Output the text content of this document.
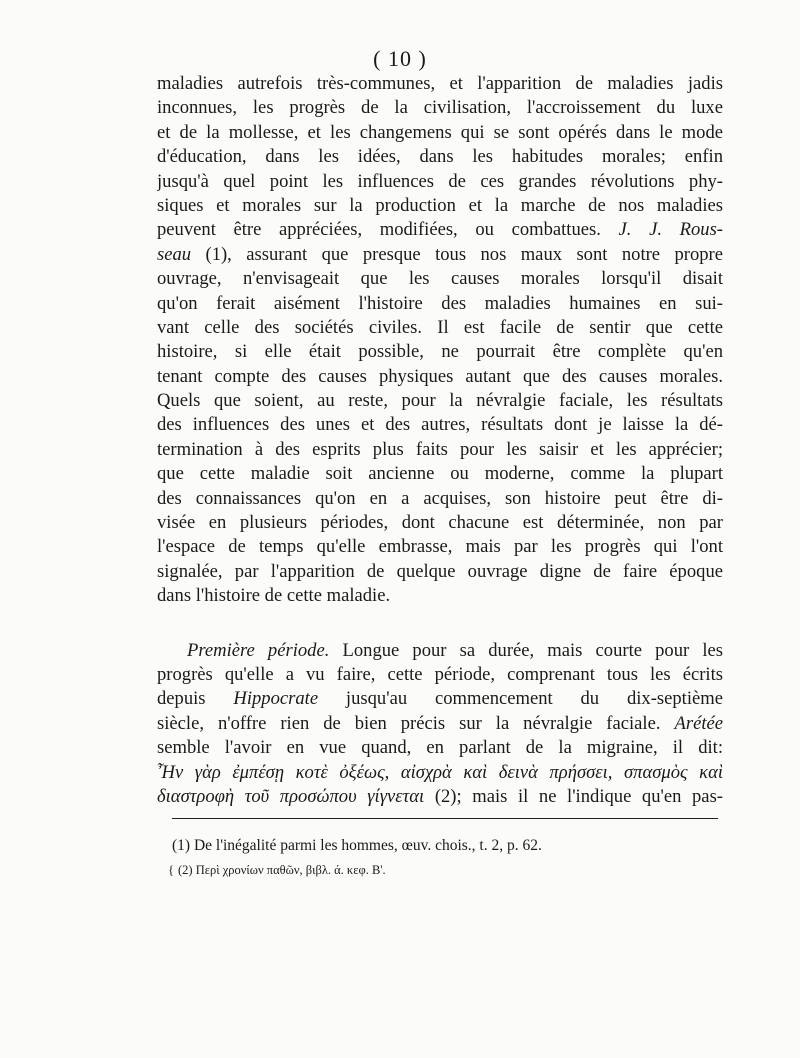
( 10 )
maladies autrefois très-communes, et l'apparition de maladies jadis
inconnues, les progrès de la civilisation, l'accroissement du luxe
et de la mollesse, et les changemens qui se sont opérés dans le mode
d'éducation, dans les idées, dans les habitudes morales; enfin
jusqu'à quel point les influences de ces grandes révolutions phy-
siques et morales sur la production et la marche de nos maladies
peuvent être appréciées, modifiées, ou combattues. J. J. Rous-
seau (1), assurant que presque tous nos maux sont notre propre
ouvrage, n'envisageait que les causes morales lorsqu'il disait
qu'on ferait aisément l'histoire des maladies humaines en sui-
vant celle des sociétés civiles. Il est facile de sentir que cette
histoire, si elle était possible, ne pourrait être complète qu'en
tenant compte des causes physiques autant que des causes morales.
Quels que soient, au reste, pour la névralgie faciale, les résultats
des influences des unes et des autres, résultats dont je laisse la dé-
termination à des esprits plus faits pour les saisir et les apprécier;
que cette maladie soit ancienne ou moderne, comme la plupart
des connaissances qu'on en a acquises, son histoire peut être di-
visée en plusieurs périodes, dont chacune est déterminée, non par
l'espace de temps qu'elle embrasse, mais par les progrès qui l'ont
signalée, par l'apparition de quelque ouvrage digne de faire époque
dans l'histoire de cette maladie.
Première période. Longue pour sa durée, mais courte pour les
progrès qu'elle a vu faire, cette période, comprenant tous les écrits
depuis Hippocrate jusqu'au commencement du dix-septième
siècle, n'offre rien de bien précis sur la névralgie faciale. Arétée
semble l'avoir en vue quand, en parlant de la migraine, il dit:
Ἦν γὰρ ἐμπέσῃ κοτὲ ὀξέως, αἰσχρὰ καὶ δεινὰ πρήσσει, σπασμὸς καὶ
διαστροφὴ τοῦ προσώπου γίγνεται (2); mais il ne l'indique qu'en pas-
(1) De l'inégalité parmi les hommes, œuv. chois., t. 2, p. 62.
{ (2) Περὶ χρονίων παθῶν, βιβλ. ά. κεφ. Β'.
